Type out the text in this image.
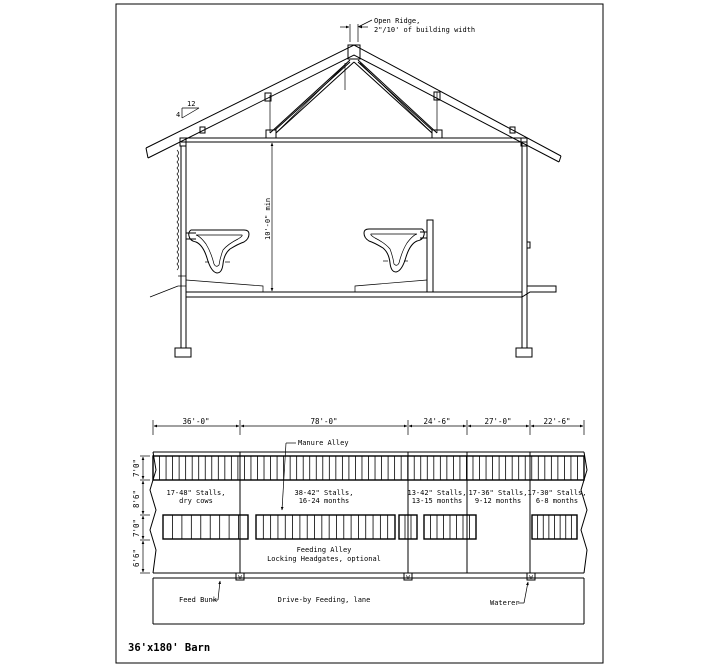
Open Ridge,
2"/10' of building width
12
4
10'-0" min
36'-0"	78'-0"	24'-6"	27'-0"	22'-6"
7'0"
8'6"
7'0"
6'6"
W	W	W
Manure Alley
17-48" Stalls,
dry cows
38-42" Stalls,
16-24 months
13-42" Stalls,
13-15 months
17-36" Stalls,
9-12 months
17-30" Stalls,
6-8 months
Feeding Alley
Locking Headgates, optional
Feed Bunk	Drive-by Feeding, lane	Waterer
36'x180' Barn
